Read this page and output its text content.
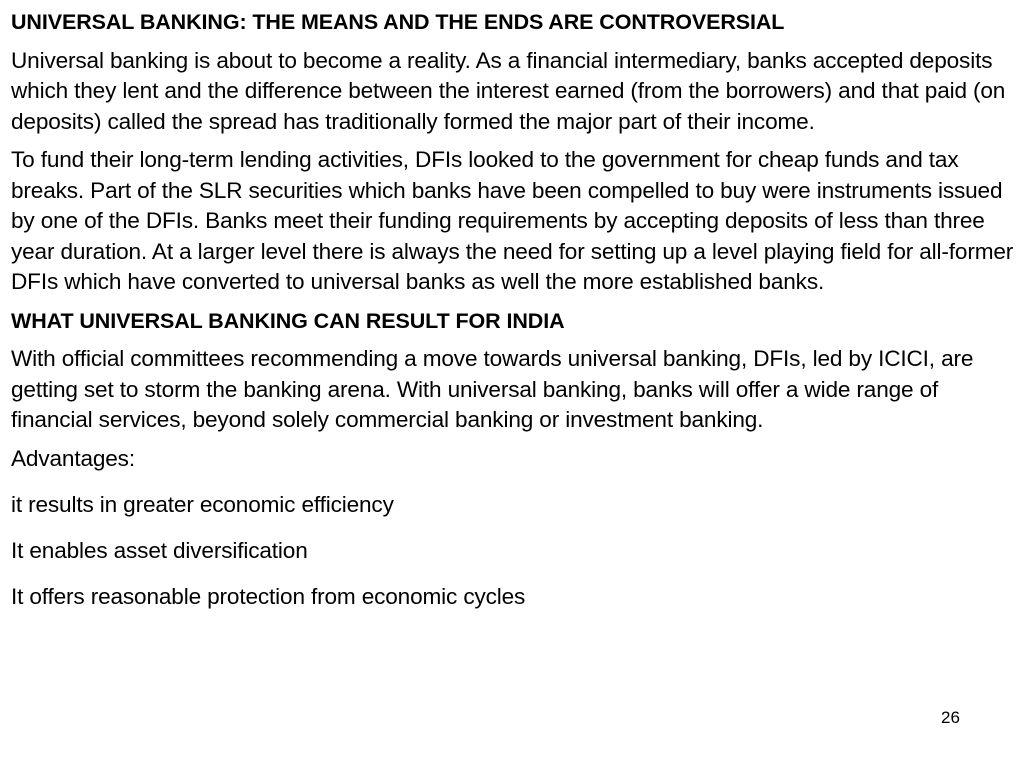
UNIVERSAL BANKING: THE MEANS AND THE ENDS ARE CONTROVERSIAL
Universal banking is about to become a reality. As a financial intermediary, banks accepted deposits which they lent and the difference between the interest earned (from the borrowers) and that paid (on deposits) called the spread has traditionally formed the major part of their income.
To fund their long-term lending activities, DFIs looked to the government for cheap funds and tax breaks. Part of the SLR securities which banks have been compelled to buy were instruments issued by one of the DFIs. Banks meet their funding requirements by accepting deposits of less than three year duration. At a larger level there is always the need for setting up a level playing field for all-former DFIs which have converted to universal banks as well the more established banks.
WHAT UNIVERSAL BANKING CAN RESULT FOR INDIA
With official committees recommending a move towards universal banking, DFIs, led by ICICI, are getting set to storm the banking arena. With universal banking, banks will offer a wide range of financial services, beyond solely commercial banking or investment banking.
Advantages:
it results in greater economic efficiency
It enables asset diversification
It offers reasonable protection from economic cycles
26
